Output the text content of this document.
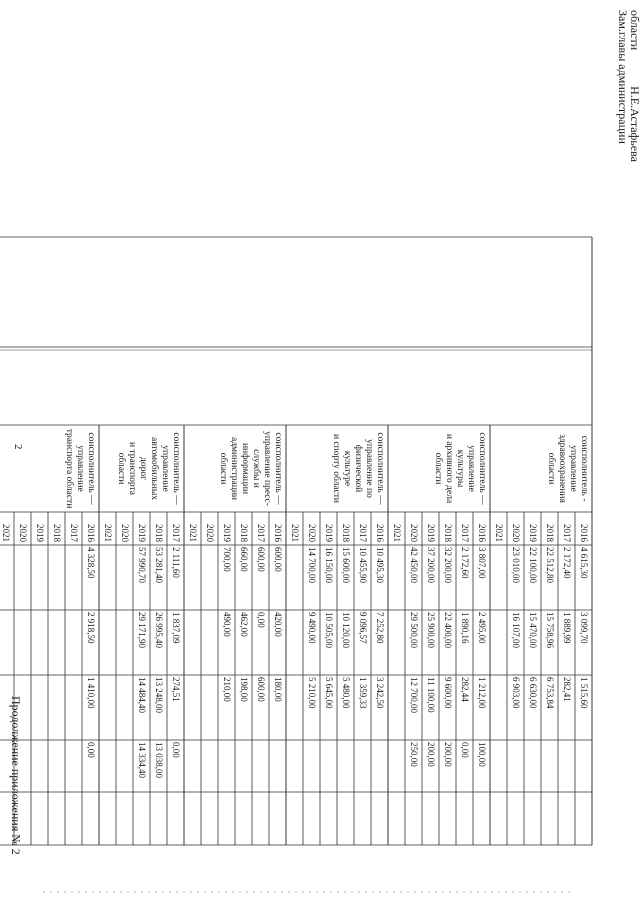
2
Продолжение приложения № 2
соисполнитель -
управление
здравоохранения
области
2016
4 615,30
3 099,70
1 515,60
2017
2 172,40
1 889,99
282,41
2018
22 512,80
15 758,96
6 753,84
2019
22 100,00
15 470,00
6 630,00
2020
23 010,00
16 107,00
6 903,00
2021
соисполнитель —
управление культуры
и архивного дела
области
2016
3 807,00
2 495,00
1 212,00
100,00
2017
2 172,60
1 890,16
282,44
0,00
2018
32 200,00
22 400,00
9 600,00
200,00
2019
37 200,00
25 900,00
11 100,00
200,00
2020
42 450,00
29 500,00
12 700,00
250,00
2021
соисполнитель —
управление по
физической культуре
и спорту области
2016
10 495,30
7 252,80
3 242,50
2017
10 455,90
9 096,57
1 359,33
2018
15 600,00
10 120,00
5 480,00
2019
16 150,00
10 505,00
5 645,00
2020
14 700,00
9 490,00
5 210,00
2021
соисполнитель —
управление пресс-
службы и
информации
администрации
области
2016
600,00
420,00
180,00
2017
600,00
0,00
600,00
2018
660,00
462,00
198,00
2019
700,00
490,00
210,00
2020
2021
соисполнитель —
управление
автомобильных дорог
и транспорта области
2017
2 111,60
1 837,09
274,51
0,00
2018
53 281,40
26 995,40
13 248,00
13 038,00
2019
57 990,70
29 171,90
14 484,40
14 334,40
2020
2021
соисполнитель —
управление
транспорта области
2016
4 328,50
2 918,50
1 410,00
0,00
2017
2018
2019
2020
2021
Зам.главы администрации
областиН.Е.Астафьева
